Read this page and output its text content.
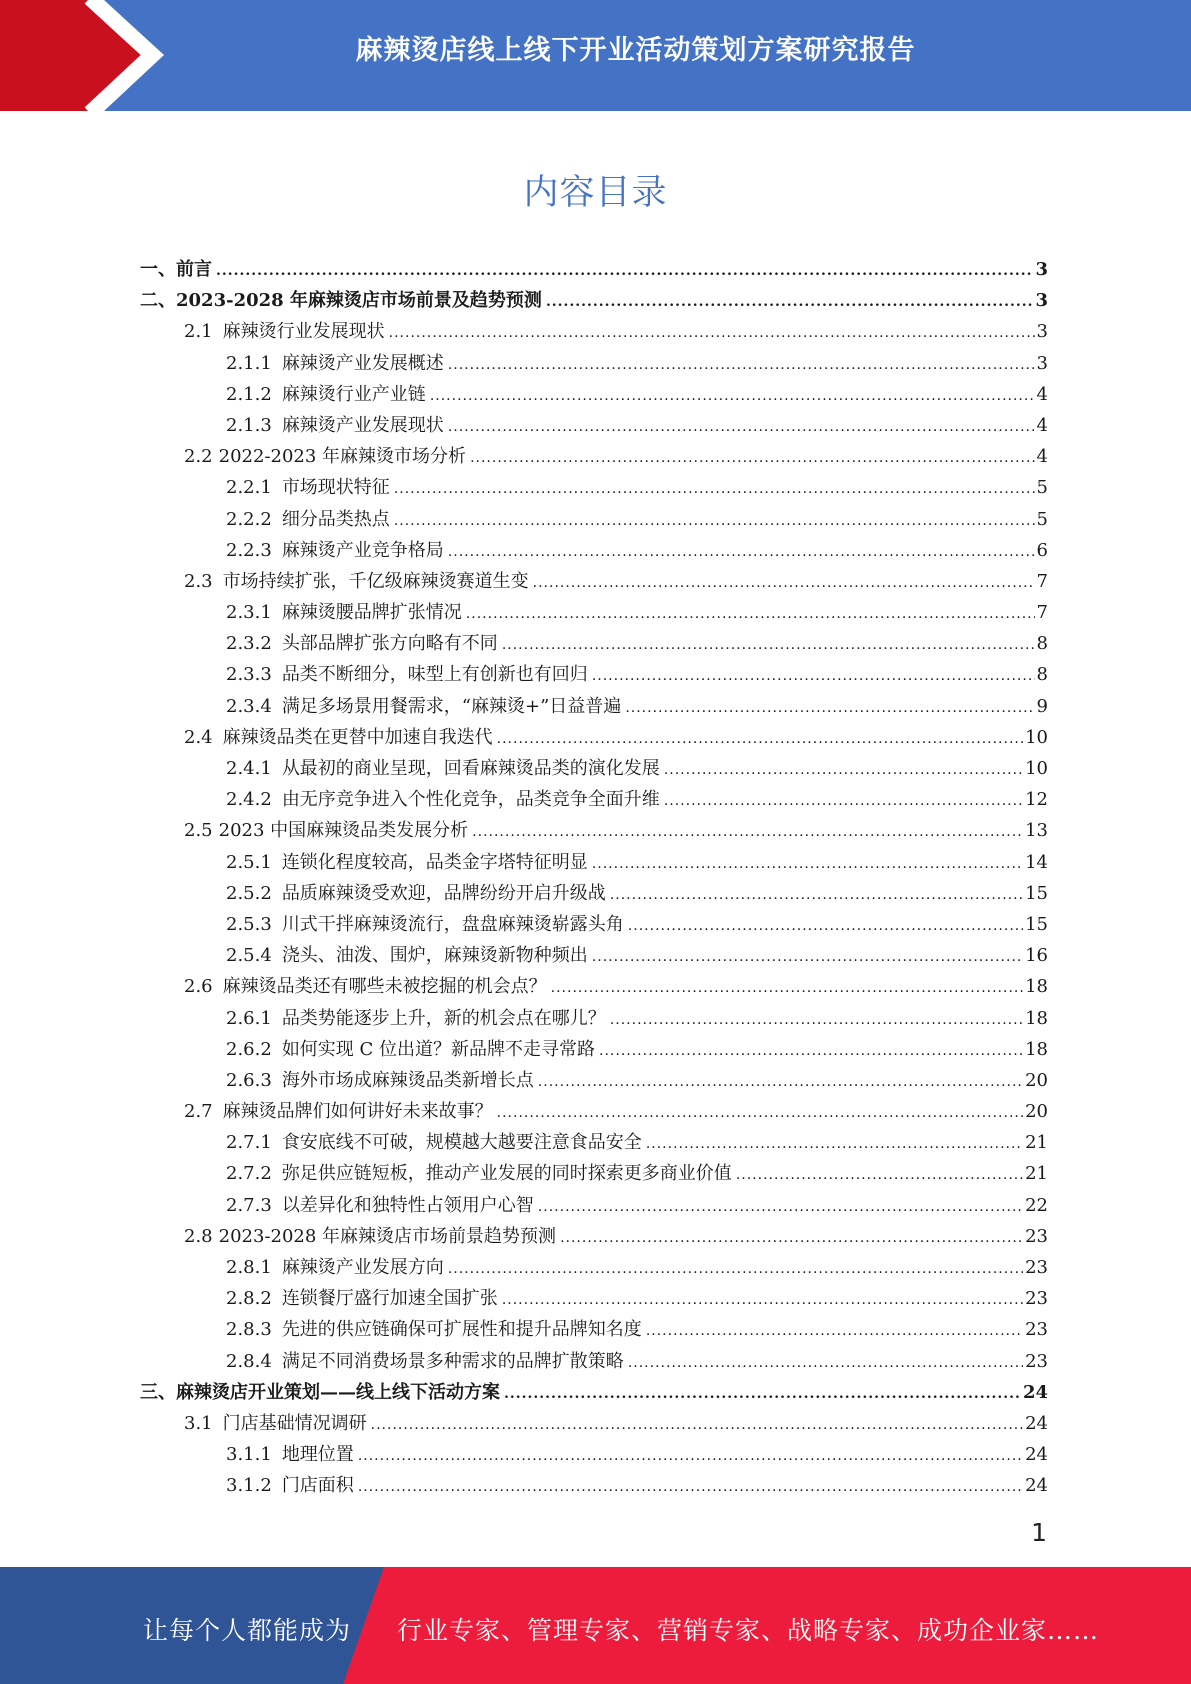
麻辣烫店线上线下开业活动策划方案研究报告
内容目录
一、 前言 .....	3
二、 2023-2028 年麻辣烫店市场前景及趋势预测 .....	3
2.1 麻辣烫行业发展现状 .....	3
2.1.1 麻辣烫产业发展概述 .....	3
2.1.2 麻辣烫行业产业链 .....	4
2.1.3 麻辣烫产业发展现状 .....	4
2.2 2022-2023 年麻辣烫市场分析 .....	4
2.2.1 市场现状特征 .....	5
2.2.2 细分品类热点 .....	5
2.2.3 麻辣烫产业竞争格局 .....	6
2.3 市场持续扩张，千亿级麻辣烫赛道生变 .....	7
2.3.1 麻辣烫腰品牌扩张情况 .....	7
2.3.2 头部品牌扩张方向略有不同 .....	8
2.3.3 品类不断细分，味型上有创新也有回归 .....	8
2.3.4 满足多场景用餐需求，“麻辣烫+”日益普遍 .....	9
2.4 麻辣烫品类在更替中加速自我迭代 .....	10
2.4.1 从最初的商业呈现，回看麻辣烫品类的演化发展 .....	10
2.4.2 由无序竞争进入个性化竞争，品类竞争全面升维 .....	12
2.5 2023 中国麻辣烫品类发展分析 .....	13
2.5.1 连锁化程度较高，品类金字塔特征明显 .....	14
2.5.2 品质麻辣烫受欢迎，品牌纷纷开启升级战 .....	15
2.5.3 川式干拌麻辣烫流行，盘盘麻辣烫崭露头角 .....	15
2.5.4 浇头、油泼、围炉，麻辣烫新物种频出 .....	16
2.6 麻辣烫品类还有哪些未被挖掘的机会点？ .....	18
2.6.1 品类势能逐步上升，新的机会点在哪儿？ .....	18
2.6.2 如何实现 C 位出道？新品牌不走寻常路 .....	18
2.6.3 海外市场成麻辣烫品类新增长点 .....	20
2.7 麻辣烫品牌们如何讲好未来故事？ .....	20
2.7.1 食安底线不可破，规模越大越要注意食品安全 .....	21
2.7.2 弥足供应链短板，推动产业发展的同时探索更多商业价值 .....	21
2.7.3 以差异化和独特性占领用户心智 .....	22
2.8 2023-2028 年麻辣烫店市场前景趋势预测 .....	23
2.8.1 麻辣烫产业发展方向 .....	23
2.8.2 连锁餐厅盛行加速全国扩张 .....	23
2.8.3 先进的供应链确保可扩展性和提升品牌知名度 .....	23
2.8.4 满足不同消费场景多种需求的品牌扩散策略 .....	23
三、 麻辣烫店开业策划——线上线下活动方案 .....	24
3.1 门店基础情况调研 .....	24
3.1.1 地理位置 .....	24
3.1.2 门店面积 .....	24
1
让每个人都能成为 行业专家、管理专家、营销专家、战略专家、成功企业家……
